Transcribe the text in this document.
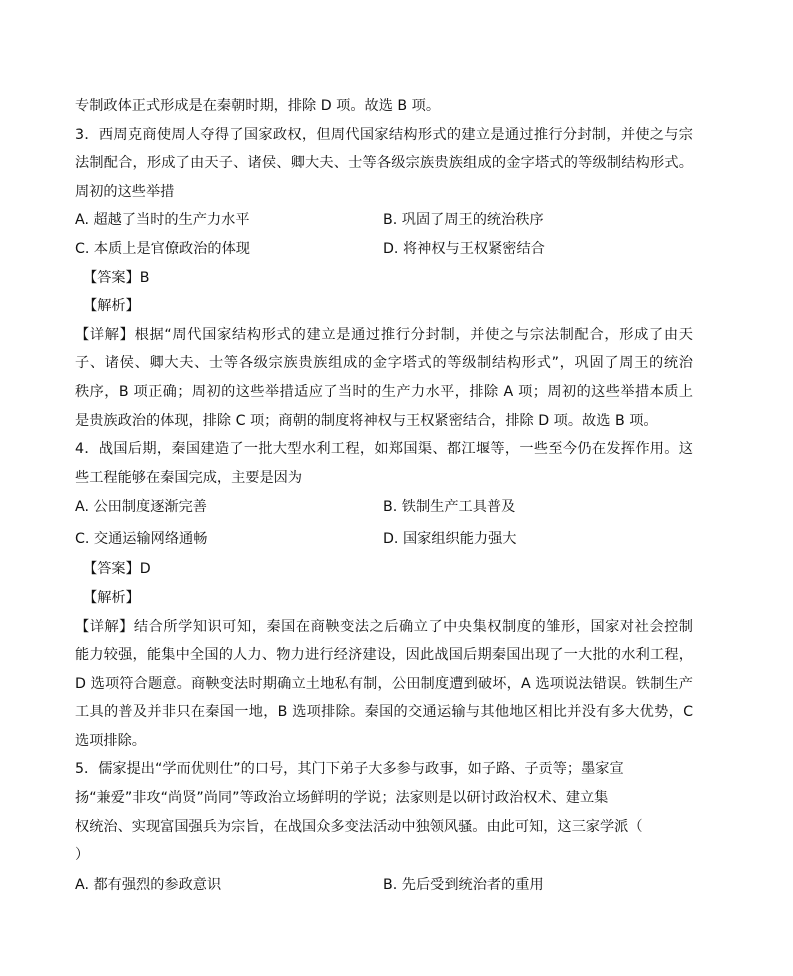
专制政体正式形成是在秦朝时期，排除 D 项。故选 B 项。
3．西周克商使周人夺得了国家政权，但周代国家结构形式的建立是通过推行分封制，并使之与宗
法制配合，形成了由天子、诸侯、卿大夫、士等各级宗族贵族组成的金字塔式的等级制结构形式。
周初的这些举措
A. 超越了当时的生产力水平	B. 巩固了周王的统治秩序
C. 本质上是官僚政治的体现	D. 将神权与王权紧密结合
【答案】B
【解析】
【详解】根据“周代国家结构形式的建立是通过推行分封制，并使之与宗法制配合，形成了由天
子、诸侯、卿大夫、士等各级宗族贵族组成的金字塔式的等级制结构形式”，巩固了周王的统治
秩序，B 项正确；周初的这些举措适应了当时的生产力水平，排除 A 项；周初的这些举措本质上
是贵族政治的体现，排除 C 项；商朝的制度将神权与王权紧密结合，排除 D 项。故选 B 项。
4．战国后期，秦国建造了一批大型水利工程，如郑国渠、都江堰等，一些至今仍在发挥作用。这
些工程能够在秦国完成，主要是因为
A. 公田制度逐渐完善	B. 铁制生产工具普及
C. 交通运输网络通畅	D. 国家组织能力强大
【答案】D
【解析】
【详解】结合所学知识可知，秦国在商鞅变法之后确立了中央集权制度的雏形，国家对社会控制
能力较强，能集中全国的人力、物力进行经济建设，因此战国后期秦国出现了一大批的水利工程，
D 选项符合题意。商鞅变法时期确立土地私有制，公田制度遭到破坏，A 选项说法错误。铁制生产
工具的普及并非只在秦国一地，B 选项排除。秦国的交通运输与其他地区相比并没有多大优势，C
选项排除。
5．儒家提出“学而优则仕”的口号，其门下弟子大多参与政事，如子路、子贡等；墨家宣
扬“兼爱”非攻“尚贤”尚同”等政治立场鲜明的学说；法家则是以研讨政治权术、建立集
权统治、实现富国强兵为宗旨，在战国众多变法活动中独领风骚。由此可知，这三家学派（
）
A. 都有强烈的参政意识	B. 先后受到统治者的重用
